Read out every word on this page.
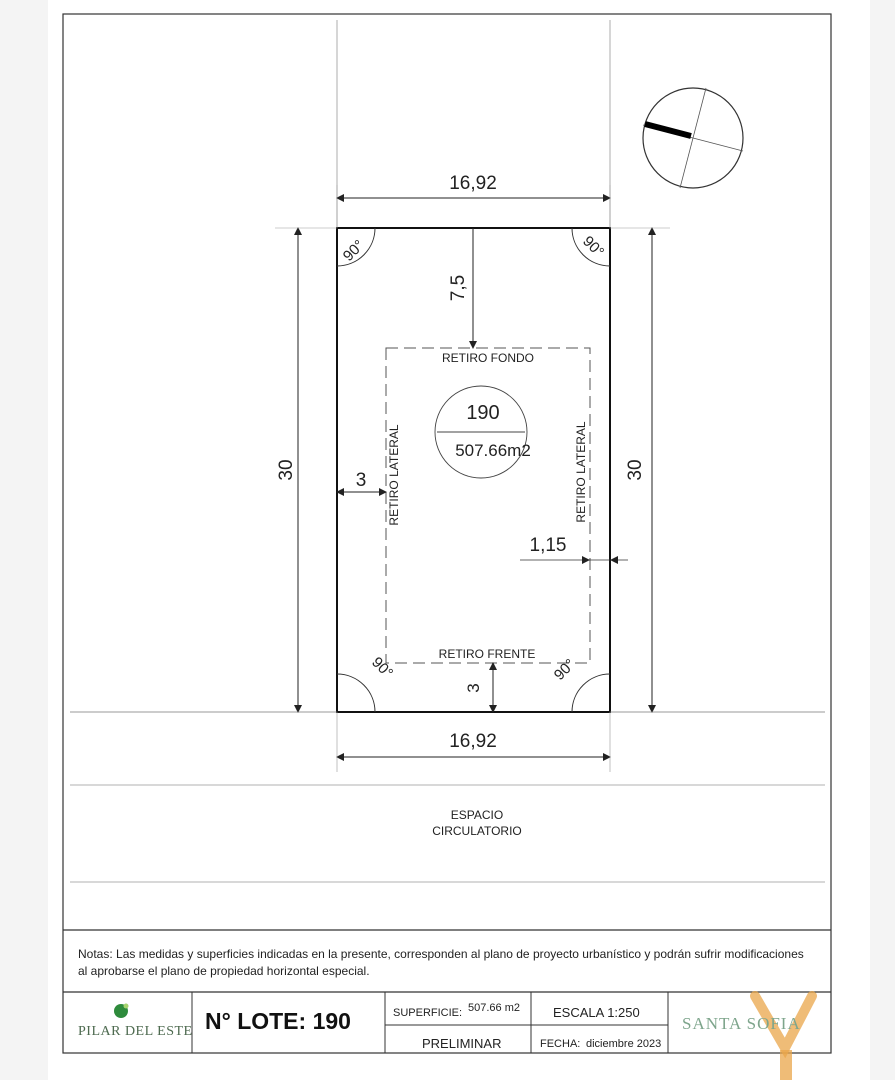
16,92
16,92
30	30
7,5
3
3
1,15
RETIRO FONDO
RETIRO FRENTE
RETIRO LATERAL	RETIRO LATERAL
190
507.66m2
90°	90°
90°	90°
ESPACIO
CIRCULATORIO
Notas: Las medidas y superficies indicadas en la presente, corresponden al plano de proyecto urbanístico y podrán sufrir modificaciones al aprobarse el plano de propiedad horizontal especial.
PILAR DEL ESTE N° LOTE: 190	SUPERFICIE: 507.66 m2	ESCALA 1:250
PRELIMINAR	FECHA: diciembre 2023
SANTA SOFIA
